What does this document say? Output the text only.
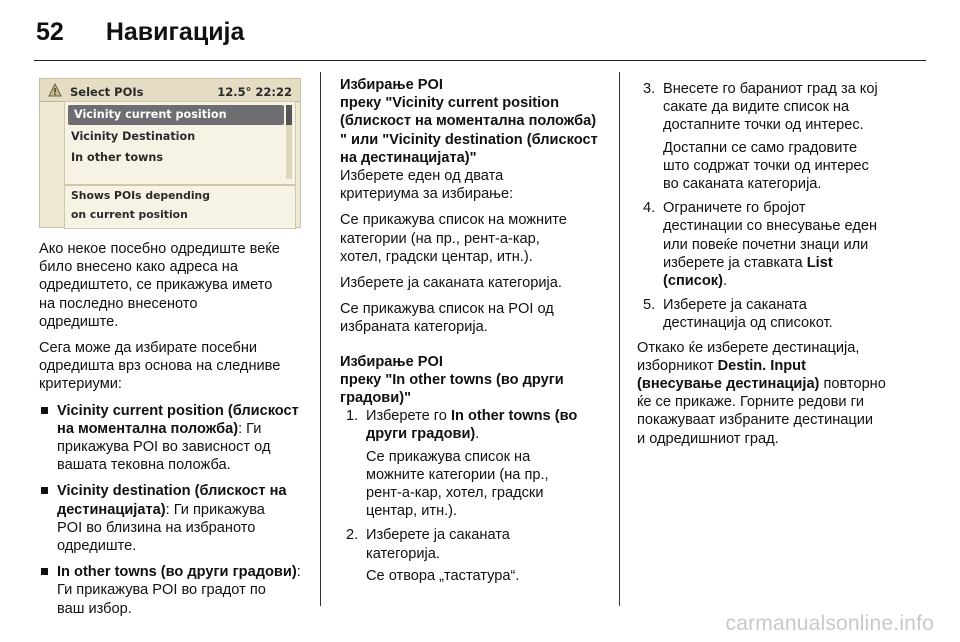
52 Навигација
Select POIs	12.5° 22:22
Vicinity current position
Vicinity Destination
In other towns
Shows POIs depending
on current position

Ако некое посебно одредиште веќе
било внесено како адреса на
одредиштето, се прикажува името
на последно внесеното
одредиште.

Сега може да избирате посебни
одредишта врз основа на следниве
критериуми:

Vicinity current position (блискост
на моменталнa положба): Ги
прикажува POI во зависност од
вашата тековна положба.
Vicinity destination (блискост на
дестинацијата): Ги прикажува
POI во близина на избраното
одредиште.
In other towns (во други градови):
Ги прикажува POI во градот по
ваш избор.

Избирање POI
преку "Vicinity current position
(блискост на моменталнa положба)
" или "Vicinity destination (блискост
на дестинацијата)"

Изберете еден од двата
критериума за избирање:

Се прикажува список на можните
категории (на пр., рент-а-кар,
хотел, градски центар, итн.).

Изберете ја саканата категорија.

Се прикажува список на POI од
избраната категорија.

Избирање POI
преку "In other towns (во други
градови)"

1. Изберете го In other towns (во
други градови).
Се прикажува список на
можните категории (на пр.,
рент-а-кар, хотел, градски
центар, итн.).
2. Изберете ја саканата
категорија.
Се отвора „тастатура“.
3. Внесете го бараниот град за кој
сакате да видите список на
достапните точки од интерес.
Достапни се само градовите
што содржат точки од интерес
во саканата категорија.
4. Ограничете го бројот
дестинации со внесување еден
или повеќе почетни знаци или
изберете ја ставката List
(список).
5. Изберете ја саканата
дестинација од списокот.

Откако ќе изберете дестинација,
изборникот Destin. Input
(внесување дестинација) повторно
ќе се прикаже. Горните редови ги
покажуваат избраните дестинации
и одредишниот град.

carmanualsonline.info
